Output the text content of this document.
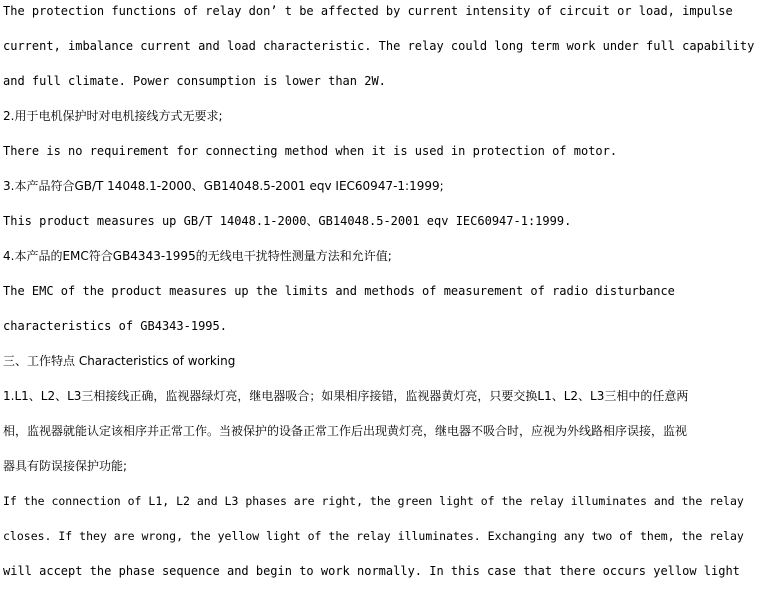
The protection functions of relay don’ t be affected by current intensity of circuit or load, impulse
current, imbalance current and load characteristic. The relay could long term work under full capability
and full climate. Power consumption is lower than 2W.
2.用于电机保护时对电机接线方式无要求;
There is no requirement for connecting method when it is used in protection of motor.
3.本产品符合GB/T 14048.1-2000、GB14048.5-2001 eqv IEC60947-1:1999;
This product measures up GB/T 14048.1-2000、GB14048.5-2001 eqv IEC60947-1:1999.
4.本产品的EMC符合GB4343-1995的无线电干扰特性测量方法和允许值;
The EMC of the product measures up the limits and methods of measurement of radio disturbance
characteristics of GB4343-1995.
三、工作特点 Characteristics of working
1.L1、L2、L3三相接线正确，监视器绿灯亮，继电器吸合；如果相序接错，监视器黄灯亮，只要交换L1、L2、L3三相中的任意两
相，监视器就能认定该相序并正常工作。当被保护的设备正常工作后出现黄灯亮，继电器不吸合时，应视为外线路相序误接，监视
器具有防误接保护功能;
If the connection of L1, L2 and L3 phases are right, the green light of the relay illuminates and the relay
closes. If they are wrong, the yellow light of the relay illuminates. Exchanging any two of them, the relay
will accept the phase sequence and begin to work normally. In this case that there occurs yellow light
